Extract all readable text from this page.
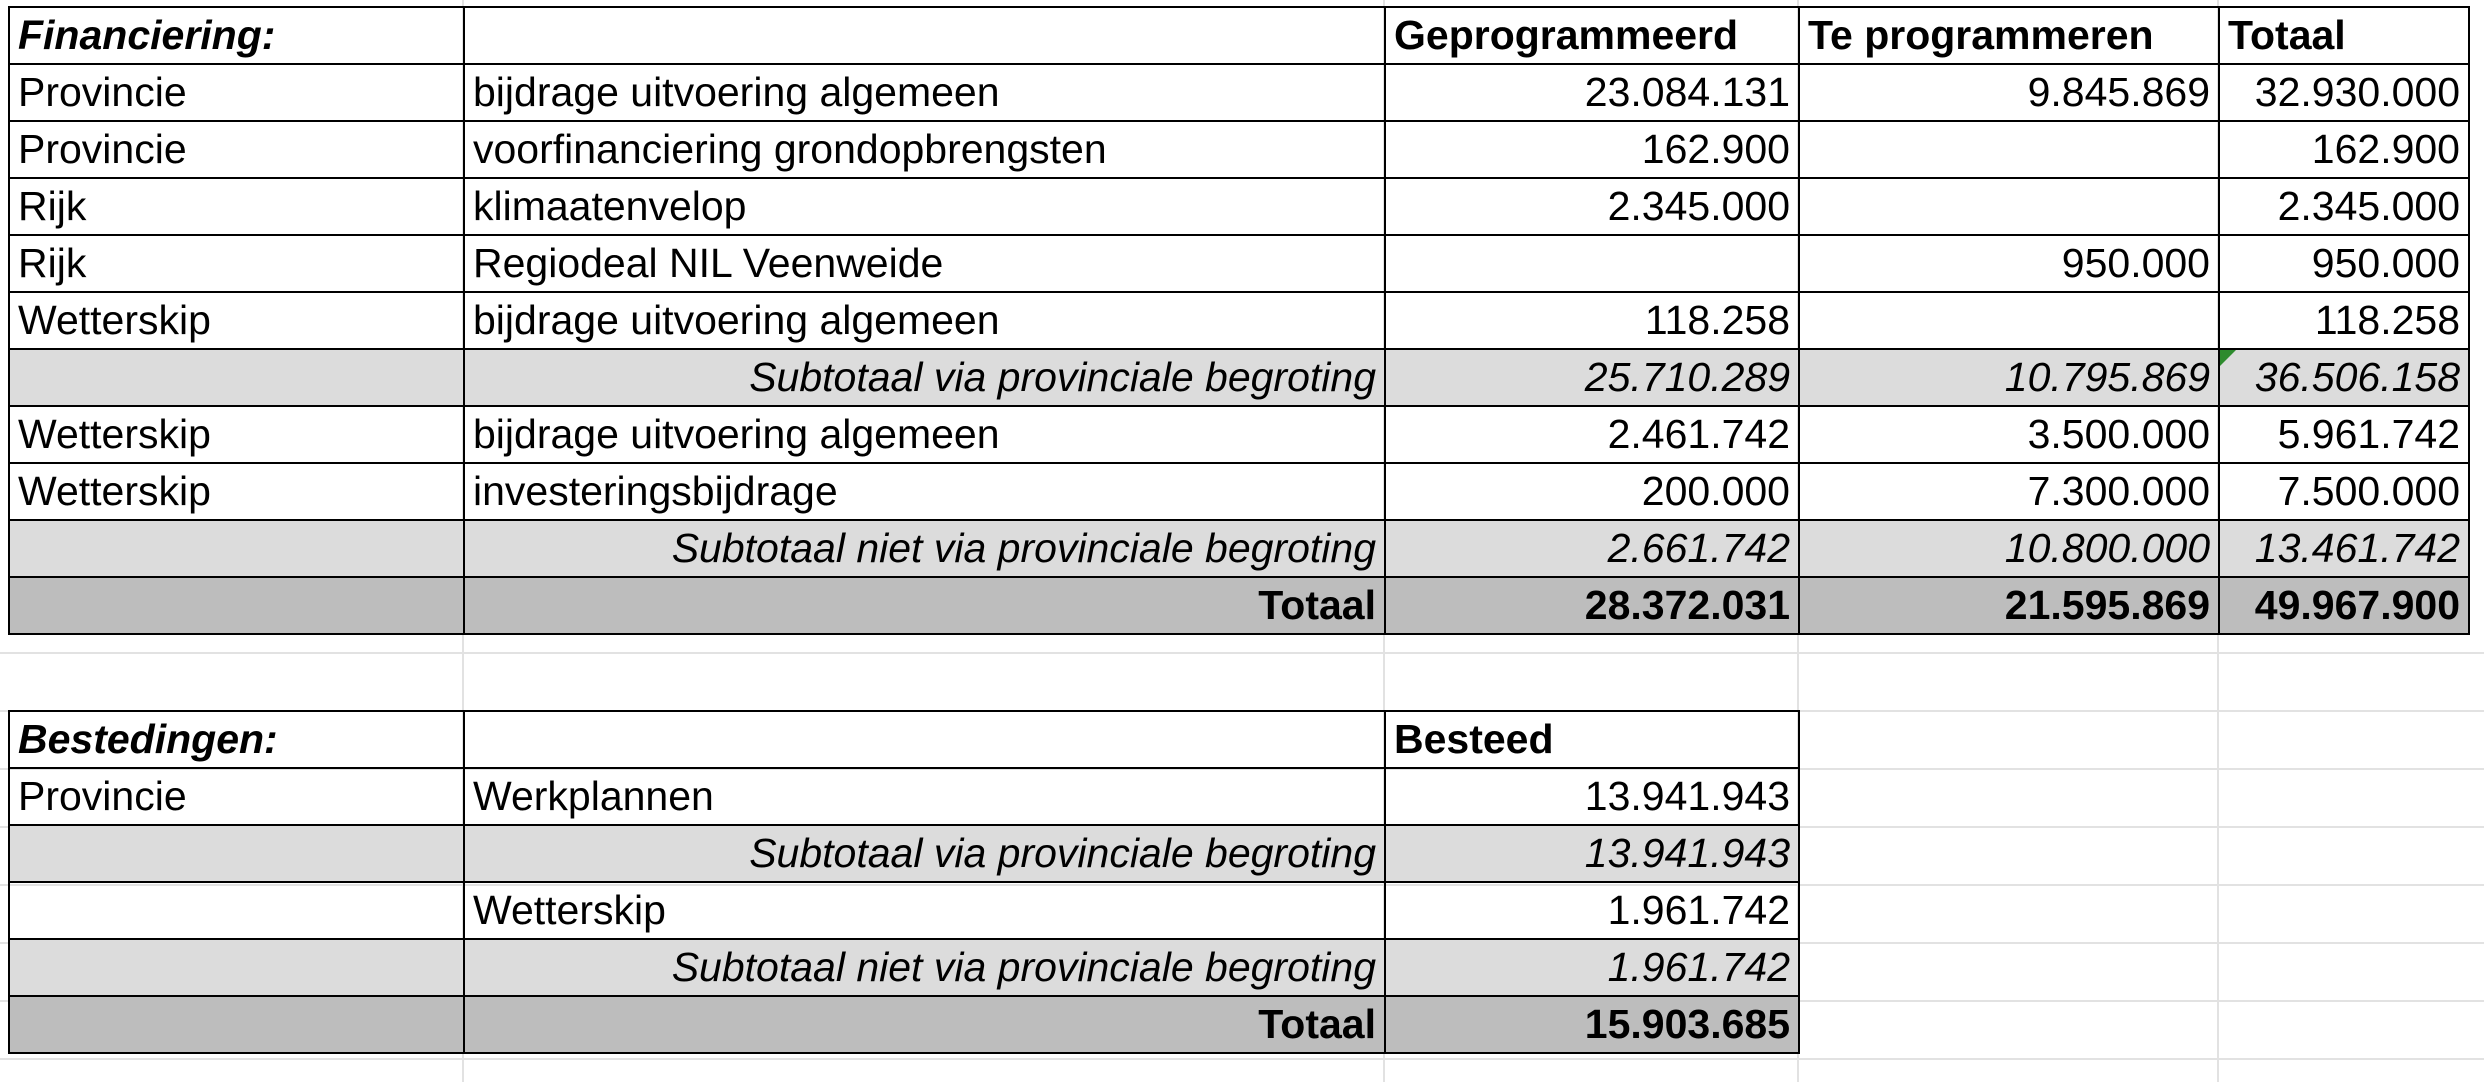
Financiering:		Geprogrammeerd	Te programmeren	Totaal
Provincie	bijdrage uitvoering algemeen	23.084.131	9.845.869	32.930.000
Provincie	voorfinanciering grondopbrengsten	162.900		162.900
Rijk	klimaatenvelop	2.345.000		2.345.000
Rijk	Regiodeal NIL Veenweide		950.000	950.000
Wetterskip	bijdrage uitvoering algemeen	118.258		118.258
	Subtotaal via provinciale begroting	25.710.289	10.795.869	36.506.158
Wetterskip	bijdrage uitvoering algemeen	2.461.742	3.500.000	5.961.742
Wetterskip	investeringsbijdrage	200.000	7.300.000	7.500.000
	Subtotaal niet via provinciale begroting	2.661.742	10.800.000	13.461.742
	Totaal	28.372.031	21.595.869	49.967.900
Bestedingen:		Besteed
Provincie	Werkplannen	13.941.943
	Subtotaal via provinciale begroting	13.941.943
	Wetterskip	1.961.742
	Subtotaal niet via provinciale begroting	1.961.742
	Totaal	15.903.685
